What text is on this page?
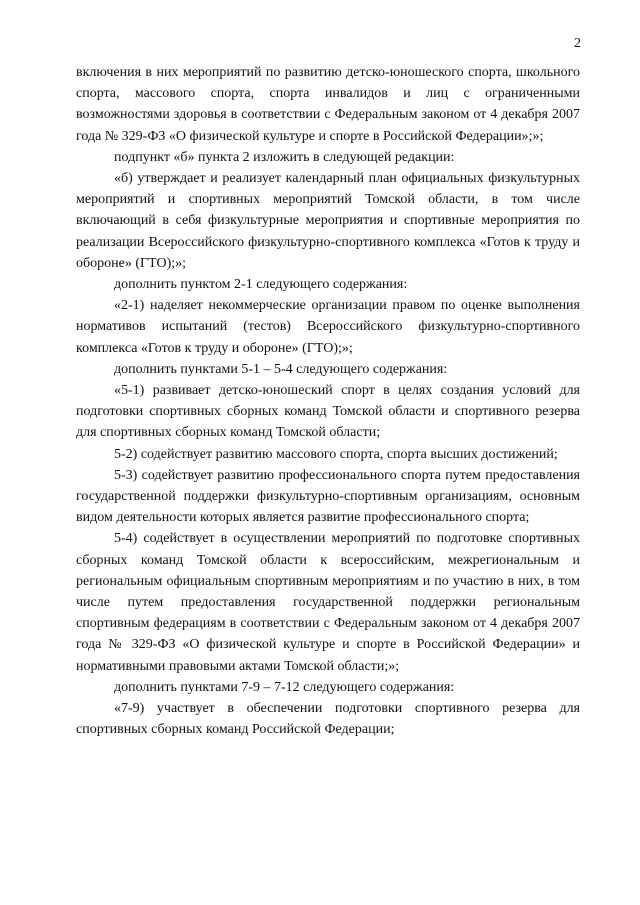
2

включения в них мероприятий по развитию детско-юношеского спорта, школьного спорта, массового спорта, спорта инвалидов и лиц с ограниченными возможностями здоровья в соответствии с Федеральным законом от 4 декабря 2007 года № 329-ФЗ «О физической культуре и спорте в Российской Федерации»;»;

подпункт «б» пункта 2 изложить в следующей редакции:

«б) утверждает и реализует календарный план официальных физкультурных мероприятий и спортивных мероприятий Томской области, в том числе включающий в себя физкультурные мероприятия и спортивные мероприятия по реализации Всероссийского физкультурно-спортивного комплекса «Готов к труду и обороне» (ГТО);»;

дополнить пунктом 2-1 следующего содержания:

«2-1) наделяет некоммерческие организации правом по оценке выполнения нормативов испытаний (тестов) Всероссийского физкультурно-спортивного комплекса «Готов к труду и обороне» (ГТО);»;

дополнить пунктами 5-1 – 5-4 следующего содержания:

«5-1) развивает детско-юношеский спорт в целях создания условий для подготовки спортивных сборных команд Томской области и спортивного резерва для спортивных сборных команд Томской области;

5-2) содействует развитию массового спорта, спорта высших достижений;

5-3) содействует развитию профессионального спорта путем предоставления государственной поддержки физкультурно-спортивным организациям, основным видом деятельности которых является развитие профессионального спорта;

5-4) содействует в осуществлении мероприятий по подготовке спортивных сборных команд Томской области к всероссийским, межрегиональным и региональным официальным спортивным мероприятиям и по участию в них, в том числе путем предоставления государственной поддержки региональным спортивным федерациям в соответствии с Федеральным законом от 4 декабря 2007 года № 329-ФЗ «О физической культуре и спорте в Российской Федерации» и нормативными правовыми актами Томской области;»;

дополнить пунктами 7-9 – 7-12 следующего содержания:

«7-9) участвует в обеспечении подготовки спортивного резерва для спортивных сборных команд Российской Федерации;
